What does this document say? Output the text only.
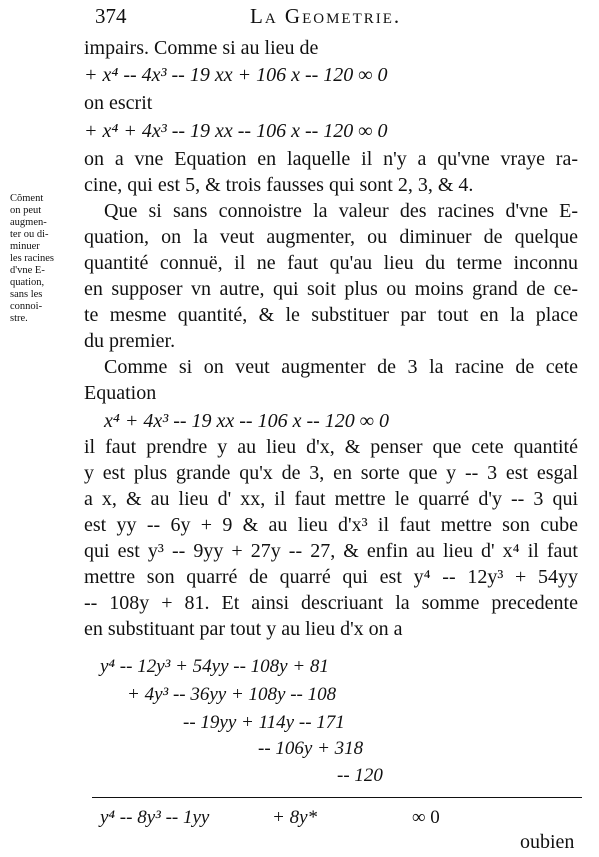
374	La Geometrie.
Cõment
on peut
augmen-
ter ou di-
minuer
les racines
d'vne E-
quation,
sans les
connoi-
stre.
impairs. Comme si au lieu de
+ x⁴ -- 4x³ -- 19 xx + 106 x -- 120 ∞ 0
on escrit
+ x⁴ + 4x³ -- 19 xx -- 106 x -- 120 ∞ 0
on a vne Equation en laquelle il n'y a qu'vne vraye ra-
cine, qui est 5, & trois fausses qui sont 2, 3, & 4.
Que si sans connoistre la valeur des racines d'vne E-
quation, on la veut augmenter, ou diminuer de quelque
quantité connuë, il ne faut qu'au lieu du terme inconnu
en supposer vn autre, qui soit plus ou moins grand de ce-
te mesme quantité, & le substituer par tout en la place
du premier.
Comme si on veut augmenter de 3 la racine de cete
Equation
x⁴ + 4x³ -- 19 xx -- 106 x -- 120 ∞ 0
il faut prendre y au lieu d'x, & penser que cete quantité
y est plus grande qu'x de 3, en sorte que y -- 3 est esgal
a x, & au lieu d' xx, il faut mettre le quarré d'y -- 3 qui
est yy -- 6y + 9 & au lieu d'x³ il faut mettre son cube
qui est y³ -- 9yy + 27y -- 27, & enfin au lieu d' x⁴ il faut
mettre son quarré de quarré qui est y⁴ -- 12y³ + 54yy
-- 108y + 81. Et ainsi descriuant la somme precedente
en substituant par tout y au lieu d'x on a
y⁴ -- 12y³ + 54yy -- 108y + 81
+ 4y³ -- 36yy + 108y -- 108
-- 19yy + 114y -- 171
-- 106y + 318
-- 120
y⁴ -- 8y³ -- 1yy	+ 8y*	∞ 0
oubien
